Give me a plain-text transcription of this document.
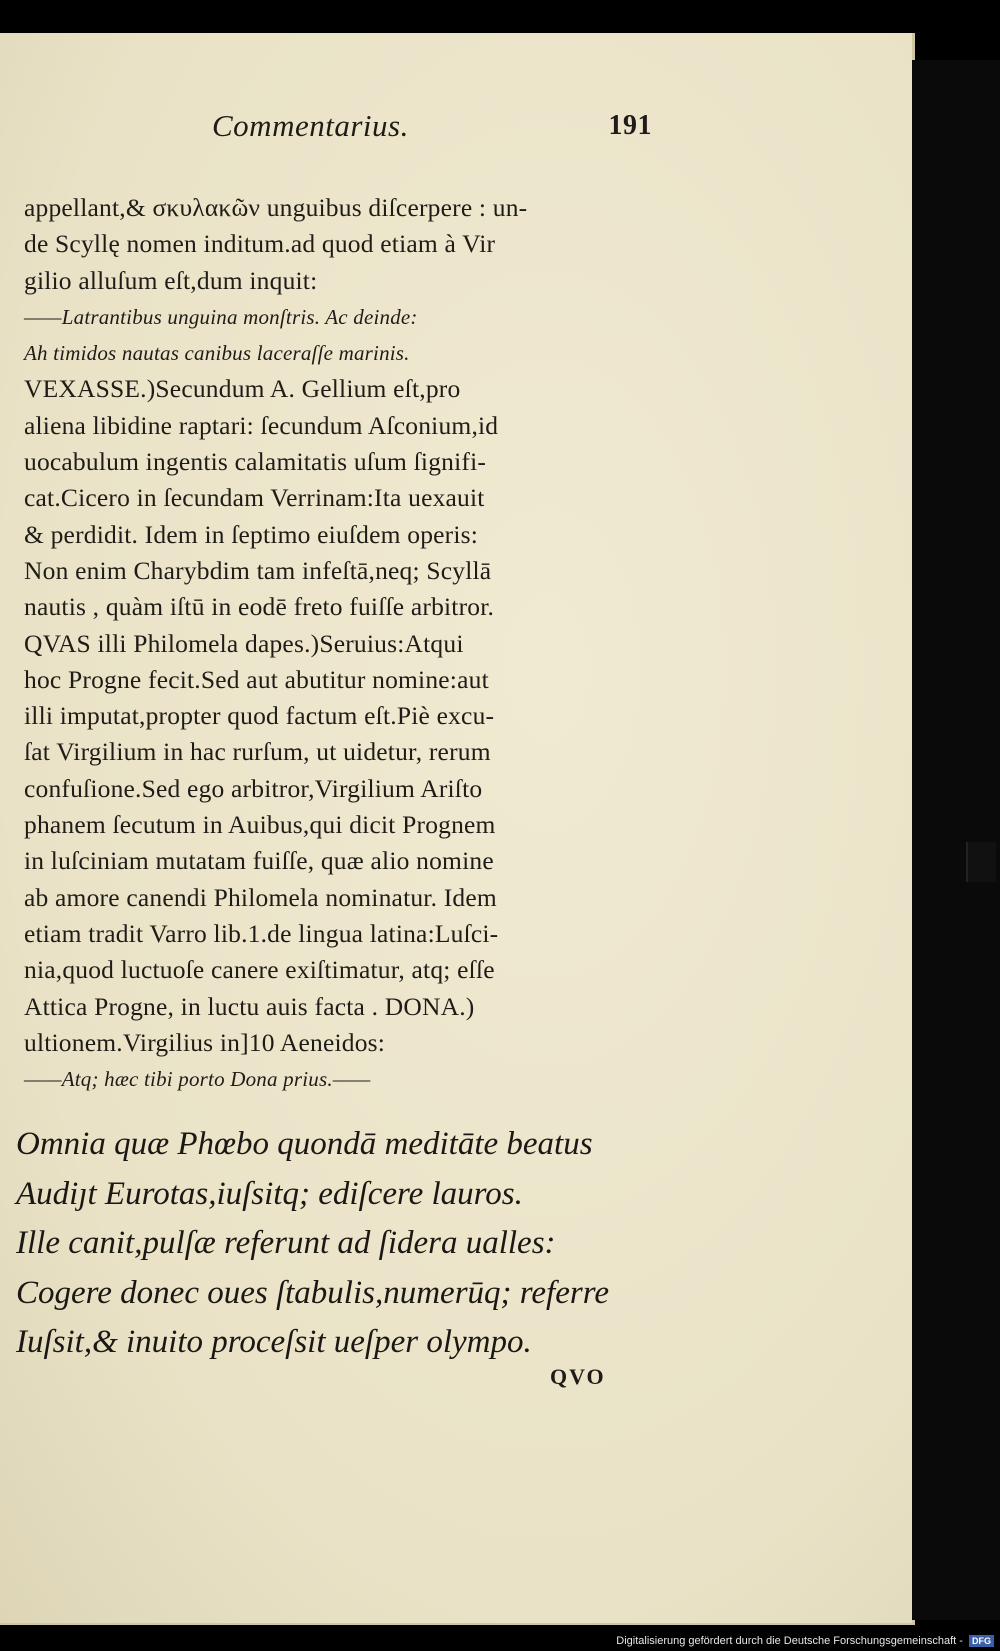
Commentarius.	191
appellant,& σκυλακῶν unguibus diſcerpere : un-
de Scyllę nomen inditum.ad quod etiam à Vir
gilio alluſum eſt,dum inquit:
——Latrantibus unguina monſtris. Ac deinde:
Ah timidos nautas canibus laceraſſe marinis.
VEXASSE.)Secundum A. Gellium eſt,pro
aliena libidine raptari: ſecundum Aſconium,id
uocabulum ingentis calamitatis uſum ſignifi-
cat.Cicero in ſecundam Verrinam:Ita uexauit
& perdidit. Idem in ſeptimo eiuſdem operis:
Non enim Charybdim tam infeſtā,neq; Scyllā
nautis , quàm iſtū in eodē freto fuiſſe arbitror.
QVAS illi Philomela dapes.)Seruius:Atqui
hoc Progne fecit.Sed aut abutitur nomine:aut
illi imputat,propter quod factum eſt.Piè excu-
ſat Virgilium in hac rurſum, ut uidetur, rerum
confuſione.Sed ego arbitror,Virgilium Ariſto
phanem ſecutum in Auibus,qui dicit Prognem
in luſciniam mutatam fuiſſe, quæ alio nomine
ab amore canendi Philomela nominatur. Idem
etiam tradit Varro lib.1.de lingua latina:Luſci-
nia,quod luctuoſe canere exiſtimatur, atq; eſſe
Attica Progne, in luctu auis facta . DONA.)
ultionem.Virgilius in]10 Aeneidos:
——Atq; hæc tibi porto Dona prius.——
Omnia quæ Phœbo quondā meditāte beatus
Audiȷt Eurotas,iuſsitq; ediſcere lauros.
Ille canit,pulſæ referunt ad ſidera ualles:
Cogere donec oues ſtabulis,numerūq; referre
Iuſsit,& inuito proceſsit ueſper olympo.
QVO
Digitalisierung gefördert durch die Deutsche Forschungsgemeinschaft - DFG
